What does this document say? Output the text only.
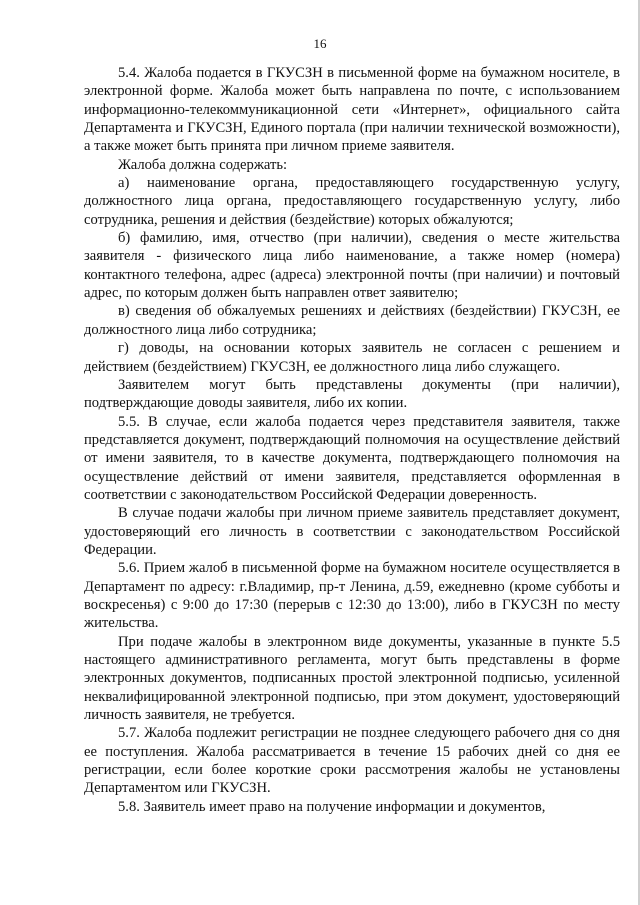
16

5.4. Жалоба подается в ГКУСЗН в письменной форме на бумажном носителе, в электронной форме. Жалоба может быть направлена по почте, с использованием информационно-телекоммуникационной сети «Интернет», официального сайта Департамента и ГКУСЗН, Единого портала (при наличии технической возможности), а также может быть принята при личном приеме заявителя.

Жалоба должна содержать:

а) наименование органа, предоставляющего государственную услугу, должностного лица органа, предоставляющего государственную услугу, либо сотрудника, решения и действия (бездействие) которых обжалуются;

б) фамилию, имя, отчество (при наличии), сведения о месте жительства заявителя - физического лица либо наименование, а также номер (номера) контактного телефона, адрес (адреса) электронной почты (при наличии) и почтовый адрес, по которым должен быть направлен ответ заявителю;

в) сведения об обжалуемых решениях и действиях (бездействии) ГКУСЗН, ее должностного лица либо сотрудника;

г) доводы, на основании которых заявитель не согласен с решением и действием (бездействием) ГКУСЗН, ее должностного лица либо служащего.

Заявителем могут быть представлены документы (при наличии), подтверждающие доводы заявителя, либо их копии.

5.5. В случае, если жалоба подается через представителя заявителя, также представляется документ, подтверждающий полномочия на осуществление действий от имени заявителя, то в качестве документа, подтверждающего полномочия на осуществление действий от имени заявителя, представляется оформленная в соответствии с законодательством Российской Федерации доверенность.

В случае подачи жалобы при личном приеме заявитель представляет документ, удостоверяющий его личность в соответствии с законодательством Российской Федерации.

5.6. Прием жалоб в письменной форме на бумажном носителе осуществляется в Департамент по адресу: г.Владимир, пр-т Ленина, д.59, ежедневно (кроме субботы и воскресенья) с 9:00 до 17:30 (перерыв с 12:30 до 13:00), либо в ГКУСЗН по месту жительства.

При подаче жалобы в электронном виде документы, указанные в пункте 5.5 настоящего административного регламента, могут быть представлены в форме электронных документов, подписанных простой электронной подписью, усиленной неквалифицированной электронной подписью, при этом документ, удостоверяющий личность заявителя, не требуется.

5.7. Жалоба подлежит регистрации не позднее следующего рабочего дня со дня ее поступления. Жалоба рассматривается в течение 15 рабочих дней со дня ее регистрации, если более короткие сроки рассмотрения жалобы не установлены Департаментом или ГКУСЗН.

5.8. Заявитель имеет право на получение информации и документов,
